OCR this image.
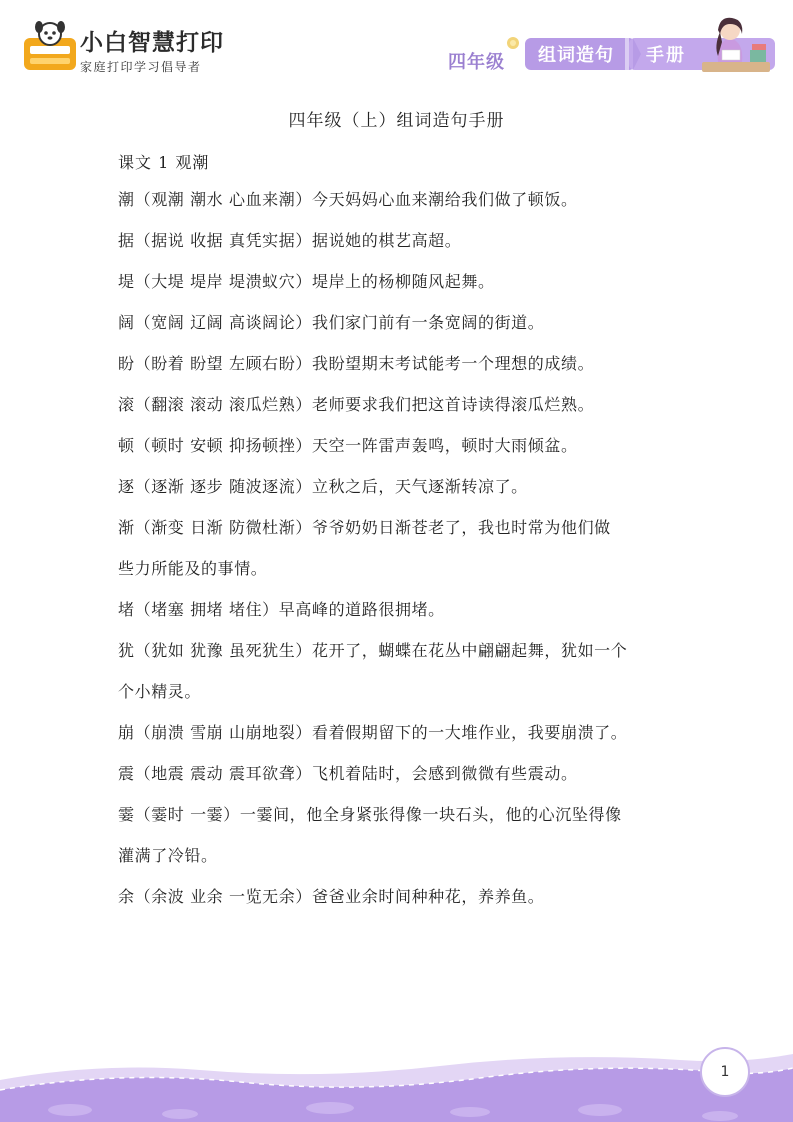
小白智慧打印
家庭打印学习倡导者	四年级 组词造句 手册
四年级（上）组词造句手册
课文 1 观潮
潮（观潮 潮水 心血来潮）今天妈妈心血来潮给我们做了顿饭。
据（据说 收据 真凭实据）据说她的棋艺高超。
堤（大堤 堤岸 堤溃蚁穴）堤岸上的杨柳随风起舞。
阔（宽阔 辽阔 高谈阔论）我们家门前有一条宽阔的街道。
盼（盼着 盼望 左顾右盼）我盼望期末考试能考一个理想的成绩。
滚（翻滚 滚动 滚瓜烂熟）老师要求我们把这首诗读得滚瓜烂熟。
顿（顿时 安顿 抑扬顿挫）天空一阵雷声轰鸣，顿时大雨倾盆。
逐（逐渐 逐步 随波逐流）立秋之后，天气逐渐转凉了。
渐（渐变 日渐 防微杜渐）爷爷奶奶日渐苍老了，我也时常为他们做
些力所能及的事情。
堵（堵塞 拥堵 堵住）早高峰的道路很拥堵。
犹（犹如 犹豫 虽死犹生）花开了，蝴蝶在花丛中翩翩起舞，犹如一个
个小精灵。
崩（崩溃 雪崩 山崩地裂）看着假期留下的一大堆作业，我要崩溃了。
震（地震 震动 震耳欲聋）飞机着陆时，会感到微微有些震动。
霎（霎时 一霎）一霎间，他全身紧张得像一块石头，他的心沉坠得像
灌满了冷铅。
余（余波 业余 一览无余）爸爸业余时间种种花，养养鱼。
1
